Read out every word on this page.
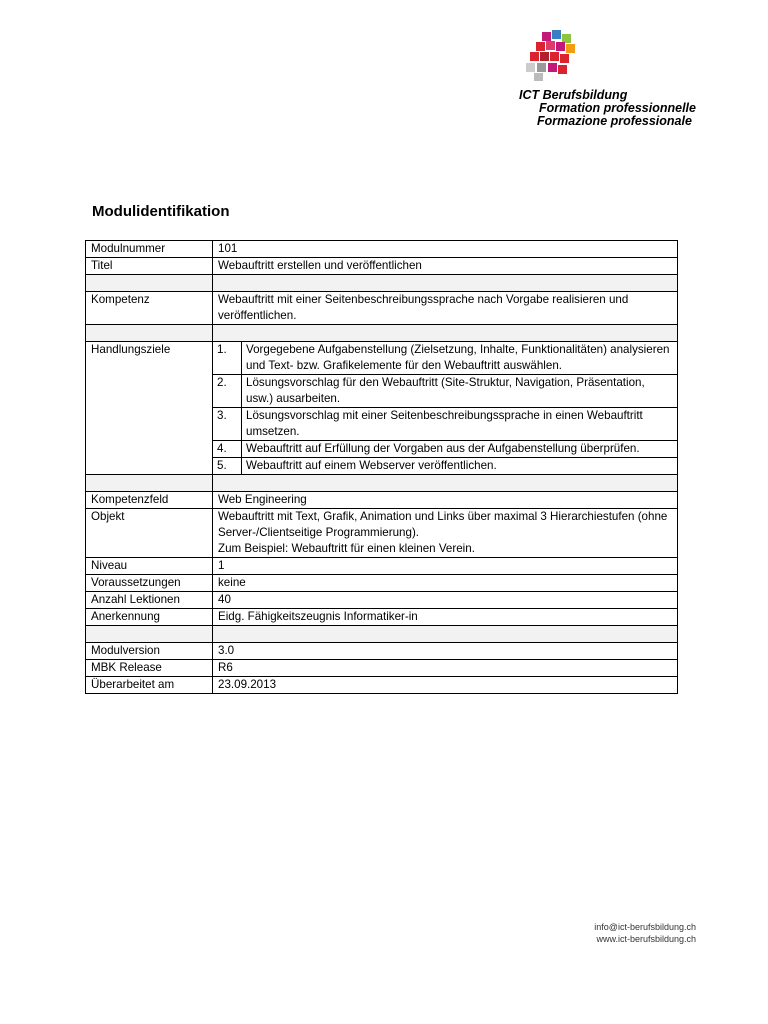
ICT Berufsbildung
Formation professionnelle
Formazione professionale
Modulidentifikation
Modulnummer	101
Titel	Webauftritt erstellen und veröffentlichen

Kompetenz	Webauftritt mit einer Seitenbeschreibungssprache nach Vorgabe realisieren und veröffentlichen.

Handlungsziele		1.	Vorgegebene Aufgabenstellung (Zielsetzung, Inhalte, Funktionalitäten) analysieren und Text- bzw. Grafikelemente für den Webauftritt auswählen.
2.	Lösungsvorschlag für den Webauftritt (Site-Struktur, Navigation, Präsentation, usw.) ausarbeiten.
3.	Lösungsvorschlag mit einer Seitenbeschreibungssprache in einen Webauftritt umsetzen.
4.	Webauftritt auf Erfüllung der Vorgaben aus der Aufgabenstellung überprüfen.
5.	Webauftritt auf einem Webserver veröffentlichen.

Kompetenzfeld	Web Engineering
Objekt	Webauftritt mit Text, Grafik, Animation und Links über maximal 3 Hierarchiestufen (ohne Server-/Clientseitige Programmierung).
Zum Beispiel: Webauftritt für einen kleinen Verein.

Niveau	1
Voraussetzungen	keine
Anzahl Lektionen	40
Anerkennung	Eidg. Fähigkeitszeugnis Informatiker-in

Modulversion	3.0
MBK Release	R6
Überarbeitet am	23.09.2013
info@ict-berufsbildung.ch
www.ict-berufsbildung.ch
